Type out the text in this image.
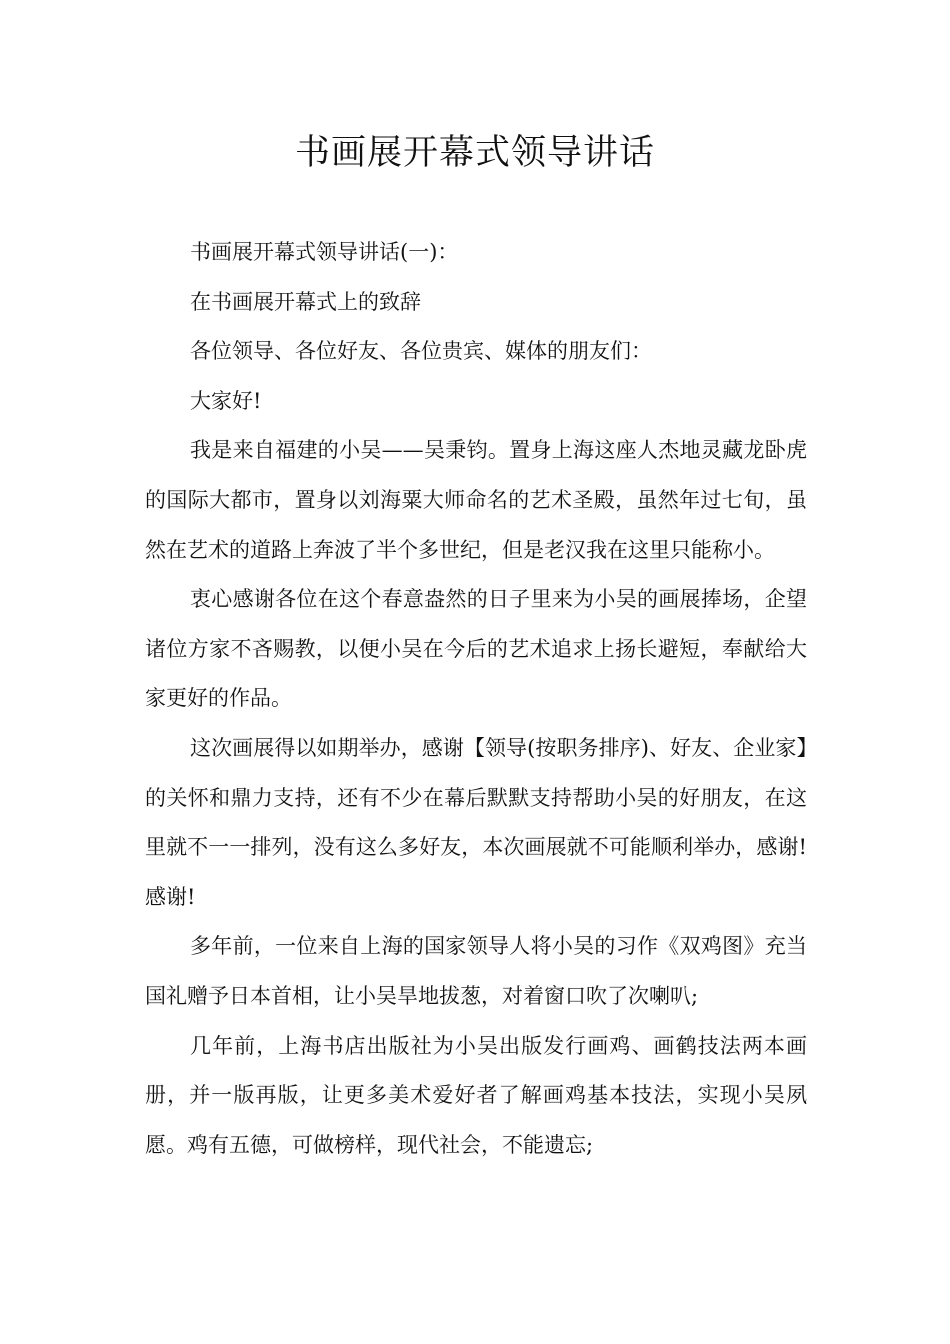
书画展开幕式领导讲话

书画展开幕式领导讲话(一)：

在书画展开幕式上的致辞

各位领导、各位好友、各位贵宾、媒体的朋友们：

大家好!

我是来自福建的小吴——吴秉钧。置身上海这座人杰地灵藏龙卧虎的国际大都市，置身以刘海粟大师命名的艺术圣殿，虽然年过七旬，虽然在艺术的道路上奔波了半个多世纪，但是老汉我在这里只能称小。

衷心感谢各位在这个春意盎然的日子里来为小吴的画展捧场，企望诸位方家不吝赐教，以便小吴在今后的艺术追求上扬长避短，奉献给大家更好的作品。

这次画展得以如期举办，感谢【领导(按职务排序)、好友、企业家】的关怀和鼎力支持，还有不少在幕后默默支持帮助小吴的好朋友，在这里就不一一排列，没有这么多好友，本次画展就不可能顺利举办，感谢!感谢!

多年前，一位来自上海的国家领导人将小吴的习作《双鸡图》充当国礼赠予日本首相，让小吴旱地拔葱，对着窗口吹了次喇叭;

几年前，上海书店出版社为小吴出版发行画鸡、画鹤技法两本画册，并一版再版，让更多美术爱好者了解画鸡基本技法，实现小吴夙愿。鸡有五德，可做榜样，现代社会，不能遗忘;
